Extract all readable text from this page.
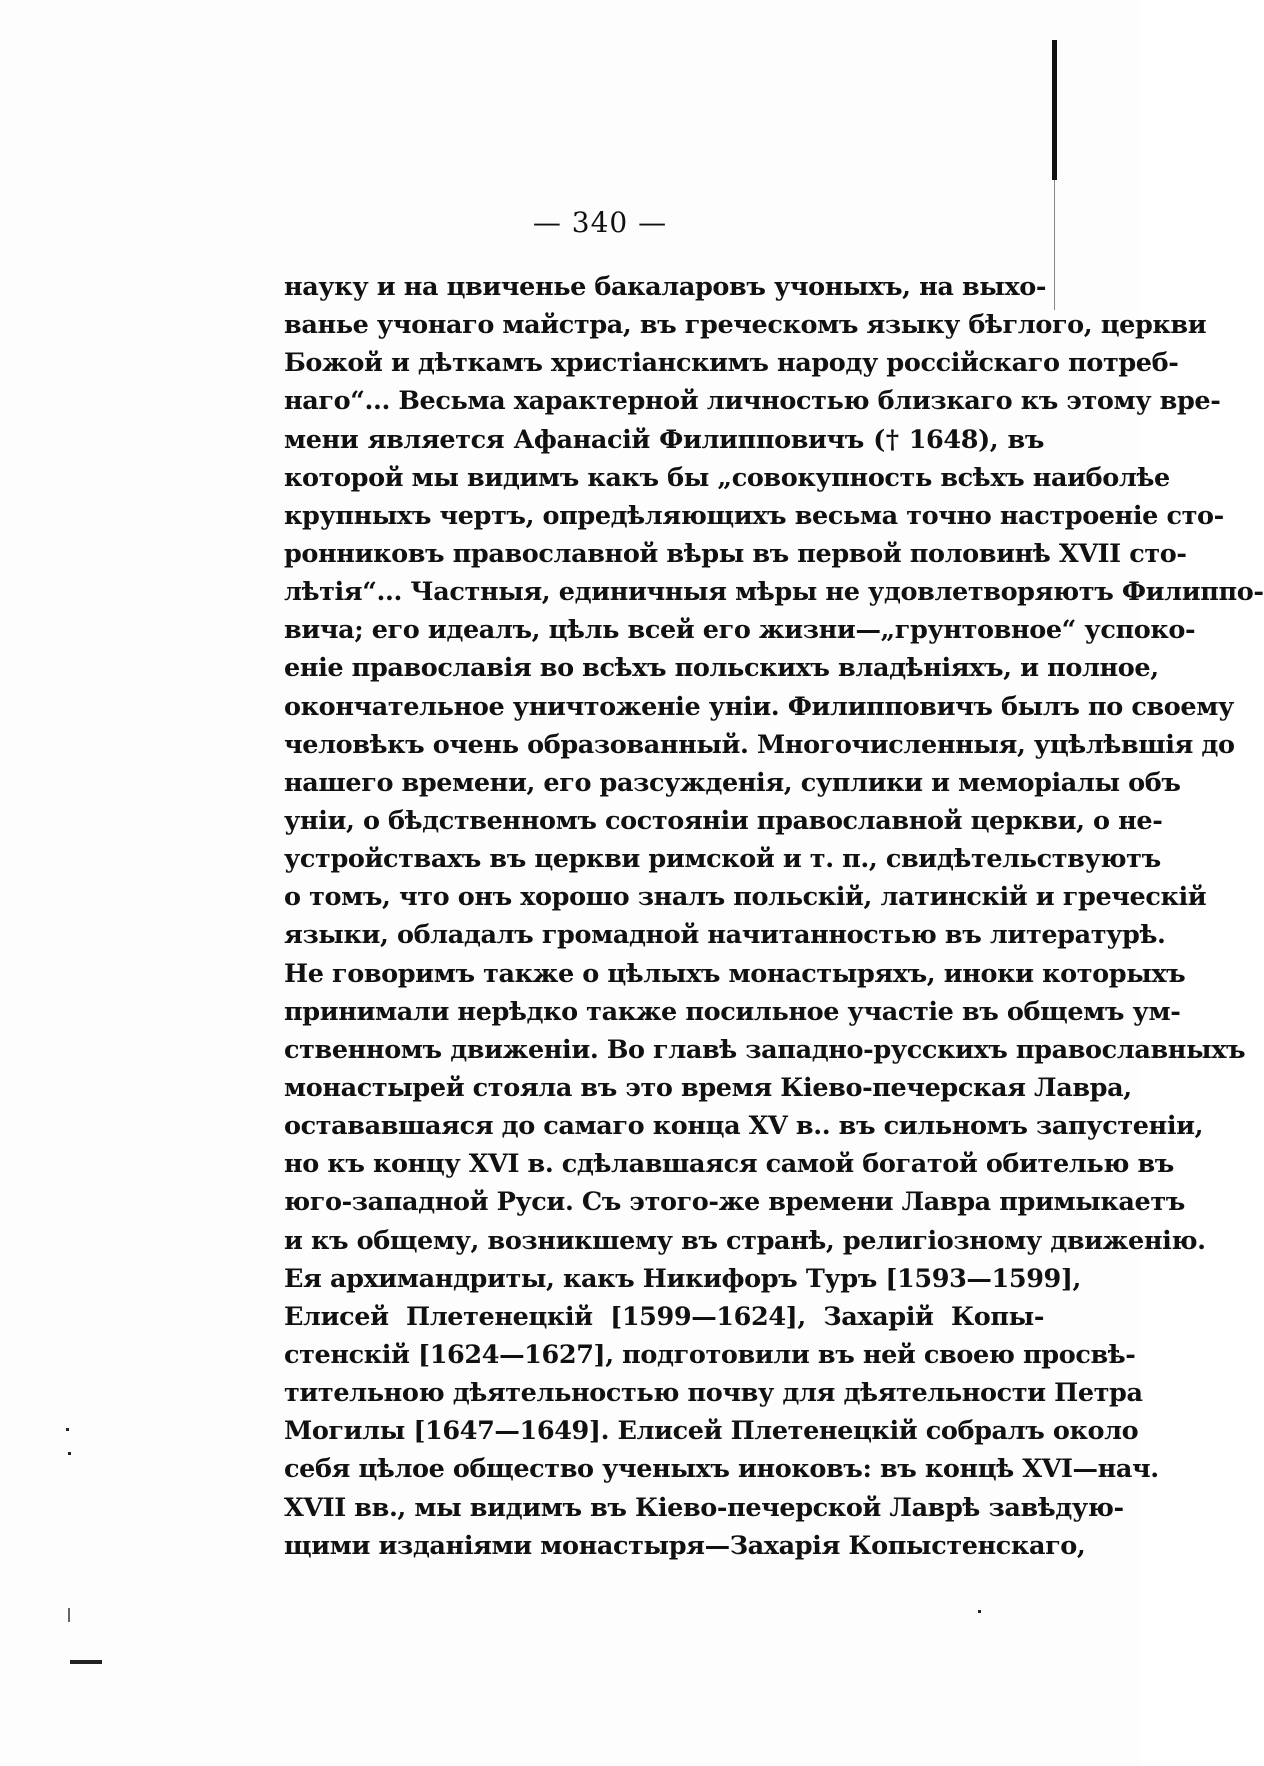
— 340 —
науку и на цвиченье бакаларовъ учоныхъ, на выхо-
ванье учонаго майстра, въ греческомъ языку бѣглого, церкви
Божой и дѣткамъ христіанскимъ народу россійскаго потреб-
наго“... Весьма характерной личностью близкаго къ этому вре-
мени является Афанасій Филипповичъ († 1648), въ
которой мы видимъ какъ бы „совокупность всѣхъ наиболѣе
крупныхъ чертъ, опредѣляющихъ весьма точно настроеніе сто-
ронниковъ православной вѣры въ первой половинѣ XVII сто-
лѣтія“... Частныя, единичныя мѣры не удовлетворяютъ Филиппо-
вича; его идеалъ, цѣль всей его жизни—„грунтовное“ успоко-
еніе православія во всѣхъ польскихъ владѣніяхъ, и полное,
окончательное уничтоженіе уніи. Филипповичъ былъ по своему
человѣкъ очень образованный. Многочисленныя, уцѣлѣвшія до
нашего времени, его разсужденія, суплики и меморіалы объ
уніи, о бѣдственномъ состояніи православной церкви, о не-
устройствахъ въ церкви римской и т. п., свидѣтельствуютъ
о томъ, что онъ хорошо зналъ польскій, латинскій и греческій
языки, обладалъ громадной начитанностью въ литературѣ.
Не говоримъ также о цѣлыхъ монастыряхъ, иноки которыхъ
принимали нерѣдко также посильное участіе въ общемъ ум-
ственномъ движеніи. Во главѣ западно-русскихъ православныхъ
монастырей стояла въ это время Кіево-печерская Лавра,
остававшаяся до самаго конца XV в.. въ сильномъ запустеніи,
но къ концу XVI в. сдѣлавшаяся самой богатой обителью въ
юго-западной Руси. Съ этого-же времени Лавра примыкаетъ
и къ общему, возникшему въ странѣ, религіозному движенію.
Ея архимандриты, какъ Никифоръ Туръ [1593—1599],
Елисей Плетенецкій [1599—1624], Захарій Копы-
стенскій [1624—1627], подготовили въ ней своею просвѣ-
тительною дѣятельностью почву для дѣятельности Петра
Могилы [1647—1649]. Елисей Плетенецкій собралъ около
себя цѣлое общество ученыхъ иноковъ: въ концѣ XVI—нач.
XVII вв., мы видимъ въ Кіево-печерской Лаврѣ завѣдую-
щими изданіями монастыря—Захарія Копыстенскаго,
